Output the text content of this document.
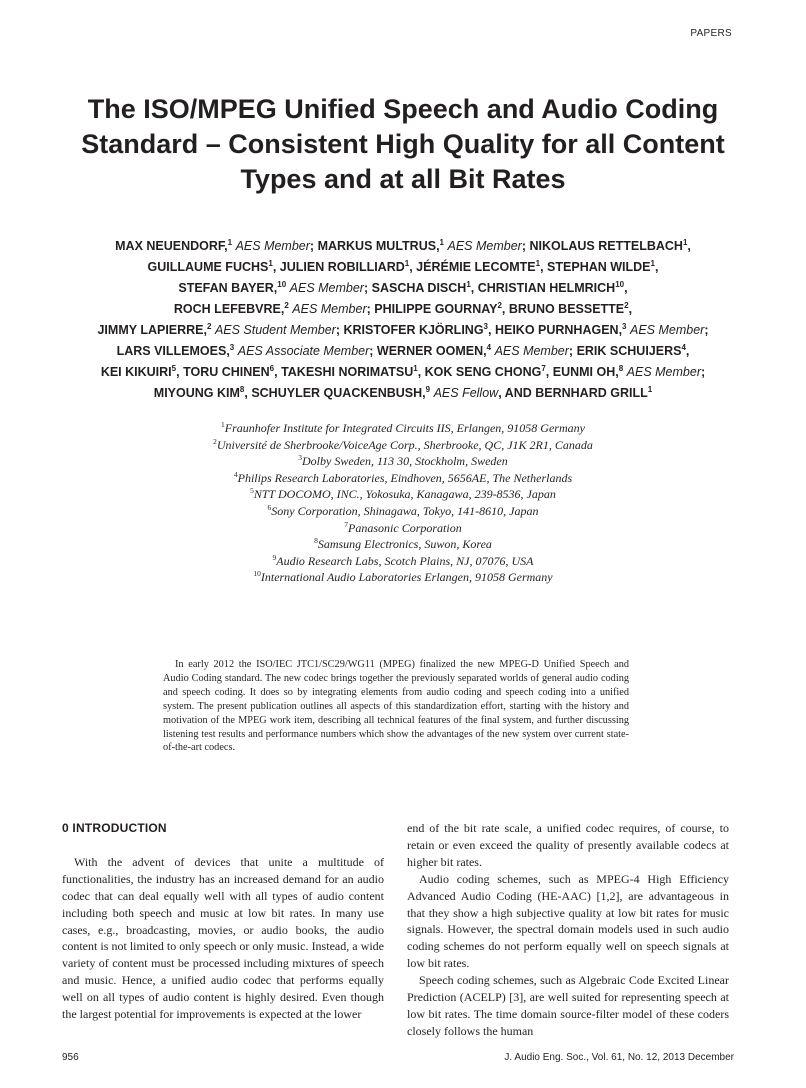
PAPERS
The ISO/MPEG Unified Speech and Audio Coding
Standard – Consistent High Quality for all Content
Types and at all Bit Rates
MAX NEUENDORF,$^1$ AES Member; MARKUS MULTRUS,$^1$ AES Member; NIKOLAUS RETTELBACH$^1$,
GUILLAUME FUCHS$^1$, JULIEN ROBILLIARD$^1$, JÉRÉMIE LECOMTE$^1$, STEPHAN WILDE$^1$,
STEFAN BAYER,$^{10}$ AES Member; SASCHA DISCH$^1$, CHRISTIAN HELMRICH$^{10}$,
ROCH LEFEBVRE,$^2$ AES Member; PHILIPPE GOURNAY$^2$, BRUNO BESSETTE$^2$,
JIMMY LAPIERRE,$^2$ AES Student Member; KRISTOFER KJÖRLING$^3$, HEIKO PURNHAGEN,$^3$ AES Member;
LARS VILLEMOES,$^3$ AES Associate Member; WERNER OOMEN,$^4$ AES Member; ERIK SCHUIJERS$^4$,
KEI KIKUIRI$^5$, TORU CHINEN$^6$, TAKESHI NORIMATSU$^1$, KOK SENG CHONG$^7$, EUNMI OH,$^8$ AES Member;
MIYOUNG KIM$^8$, SCHUYLER QUACKENBUSH,$^9$ AES Fellow, AND BERNHARD GRILL$^1$
$^1$Fraunhofer Institute for Integrated Circuits IIS, Erlangen, 91058 Germany
$^2$Université de Sherbrooke/VoiceAge Corp., Sherbrooke, QC, J1K 2R1, Canada
$^3$Dolby Sweden, 113 30, Stockholm, Sweden
$^4$Philips Research Laboratories, Eindhoven, 5656AE, The Netherlands
$^5$NTT DOCOMO, INC., Yokosuka, Kanagawa, 239-8536, Japan
$^6$Sony Corporation, Shinagawa, Tokyo, 141-8610, Japan
$^7$Panasonic Corporation
$^8$Samsung Electronics, Suwon, Korea
$^9$Audio Research Labs, Scotch Plains, NJ, 07076, USA
$^{10}$International Audio Laboratories Erlangen, 91058 Germany

In early 2012 the ISO/IEC JTC1/SC29/WG11 (MPEG) finalized the new MPEG-D Unified Speech and Audio Coding standard. The new codec brings together the previously separated worlds of general audio coding and speech coding. It does so by integrating elements from audio coding and speech coding into a unified system. The present publication outlines all aspects of this standardization effort, starting with the history and motivation of the MPEG work item, describing all technical features of the final system, and further discussing listening test results and performance numbers which show the advantages of the new system over current state-of-the-art codecs.

0 INTRODUCTION

With the advent of devices that unite a multitude of functionalities, the industry has an increased demand for an audio codec that can deal equally well with all types of audio content including both speech and music at low bit rates. In many use cases, e.g., broadcasting, movies, or audio books, the audio content is not limited to only speech or only music. Instead, a wide variety of content must be processed including mixtures of speech and music. Hence, a unified audio codec that performs equally well on all types of audio content is highly desired. Even though the largest potential for improvements is expected at the lower

end of the bit rate scale, a unified codec requires, of course, to retain or even exceed the quality of presently available codecs at higher bit rates.

Audio coding schemes, such as MPEG-4 High Efficiency Advanced Audio Coding (HE-AAC) [1,2], are advantageous in that they show a high subjective quality at low bit rates for music signals. However, the spectral domain models used in such audio coding schemes do not perform equally well on speech signals at low bit rates.

Speech coding schemes, such as Algebraic Code Excited Linear Prediction (ACELP) [3], are well suited for representing speech at low bit rates. The time domain source-filter model of these coders closely follows the human

956	J. Audio Eng. Soc., Vol. 61, No. 12, 2013 December
